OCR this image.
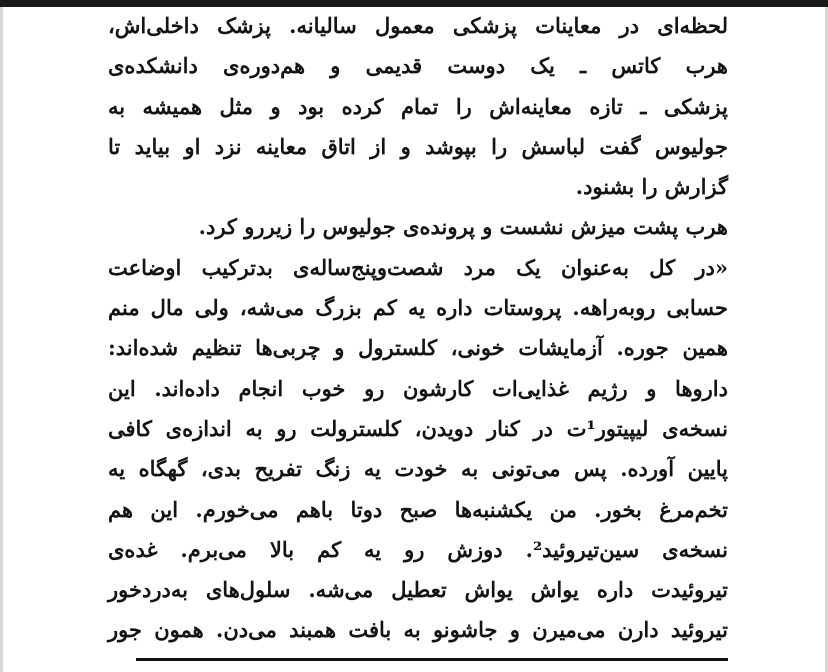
لحظه‌ای در معاینات پزشکی معمول سالیانه. پزشک داخلی‌اش،
هرب کاتس ـ یک دوست قدیمی و هم‌دوره‌ی دانشکده‌ی
پزشکی ـ تازه معاینه‌اش را تمام کرده بود و مثل همیشه به
جولیوس گفت لباسش را بپوشد و از اتاق معاینه نزد او بیاید تا
گزارش را بشنود.
هرب پشت میزش نشست و پرونده‌ی جولیوس را زیررو کرد.
«در کل به‌عنوان یک مرد شصت‌وپنج‌ساله‌ی بدترکیب اوضاعت
حسابی روبه‌راهه. پروستات داره یه کم بزرگ می‌شه، ولی مال منم
همین جوره. آزمایشات خونی، کلسترول و چربی‌ها تنظیم شده‌اند:
داروها و رژیم غذایی‌ات کارشون رو خوب انجام داده‌اند. این
نسخه‌ی لیپیتور¹ت در کنار دویدن، کلسترولت رو به اندازه‌ی کافی
پایین آورده. پس می‌تونی به خودت یه زنگ تفریح بدی، گهگاه یه
تخم‌مرغ بخور. من یکشنبه‌ها صبح دوتا باهم می‌خورم. این هم
نسخه‌ی سین‌تیروئید². دوزش رو یه کم بالا می‌برم. غده‌ی
تیروئیدت داره یواش یواش تعطیل می‌شه. سلول‌های به‌دردخور
تیروئید دارن می‌میرن و جاشونو به بافت همبند می‌دن. همون جور
